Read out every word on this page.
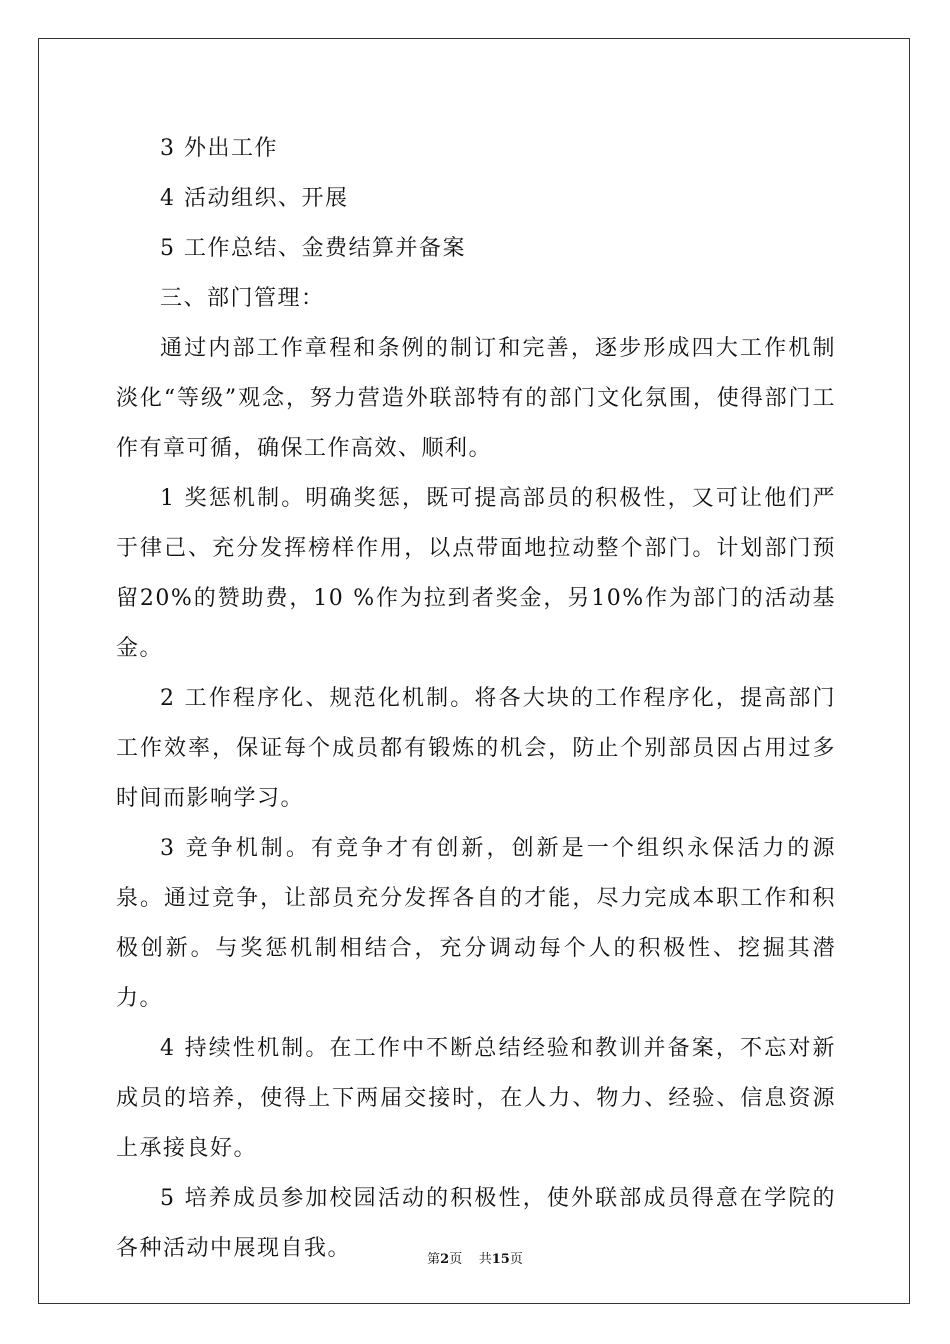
3 外出工作

4 活动组织、开展

5 工作总结、金费结算并备案

三、部门管理：

通过内部工作章程和条例的制订和完善，逐步形成四大工作机制淡化“等级”观念，努力营造外联部特有的部门文化氛围，使得部门工作有章可循，确保工作高效、顺利。

1 奖惩机制。明确奖惩，既可提高部员的积极性，又可让他们严于律己、充分发挥榜样作用，以点带面地拉动整个部门。计划部门预留20%的赞助费，10 %作为拉到者奖金，另10%作为部门的活动基金。

2 工作程序化、规范化机制。将各大块的工作程序化，提高部门工作效率，保证每个成员都有锻炼的机会，防止个别部员因占用过多时间而影响学习。

3 竞争机制。有竞争才有创新，创新是一个组织永保活力的源泉。通过竞争，让部员充分发挥各自的才能，尽力完成本职工作和积极创新。与奖惩机制相结合，充分调动每个人的积极性、挖掘其潜力。

4 持续性机制。在工作中不断总结经验和教训并备案，不忘对新成员的培养，使得上下两届交接时，在人力、物力、经验、信息资源上承接良好。

5 培养成员参加校园活动的积极性，使外联部成员得意在学院的各种活动中展现自我。	第2页 共15页
